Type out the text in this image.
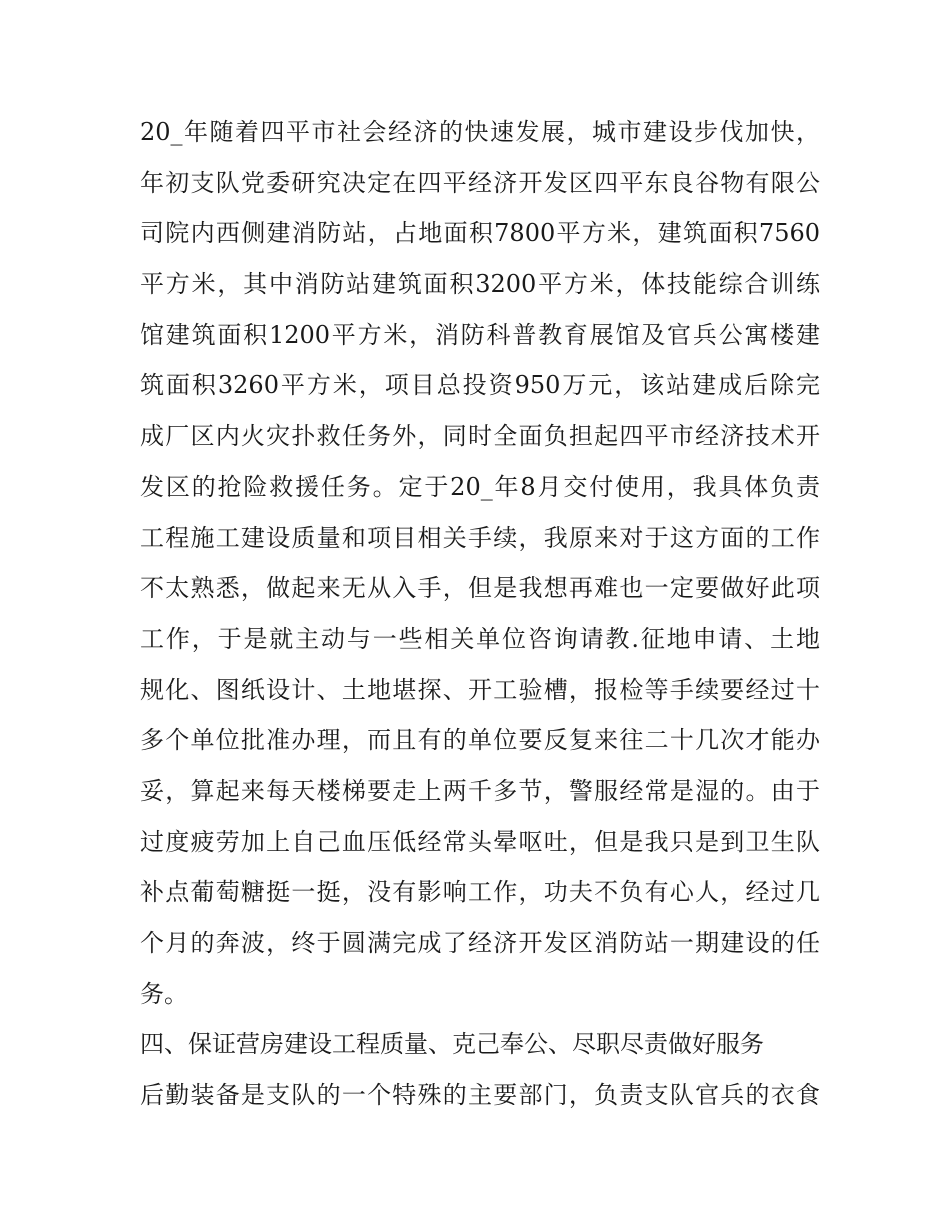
20_年随着四平市社会经济的快速发展，城市建设步伐加快，
年初支队党委研究决定在四平经济开发区四平东良谷物有限公
司院内西侧建消防站，占地面积7800平方米，建筑面积7560
平方米，其中消防站建筑面积3200平方米，体技能综合训练
馆建筑面积1200平方米，消防科普教育展馆及官兵公寓楼建
筑面积3260平方米，项目总投资950万元，该站建成后除完
成厂区内火灾扑救任务外，同时全面负担起四平市经济技术开
发区的抢险救援任务。定于20_年8月交付使用，我具体负责
工程施工建设质量和项目相关手续，我原来对于这方面的工作
不太熟悉，做起来无从入手，但是我想再难也一定要做好此项
工作，于是就主动与一些相关单位咨询请教.征地申请、土地
规化、图纸设计、土地堪探、开工验槽，报检等手续要经过十
多个单位批准办理，而且有的单位要反复来往二十几次才能办
妥，算起来每天楼梯要走上两千多节，警服经常是湿的。由于
过度疲劳加上自己血压低经常头晕呕吐，但是我只是到卫生队
补点葡萄糖挺一挺，没有影响工作，功夫不负有心人，经过几
个月的奔波，终于圆满完成了经济开发区消防站一期建设的任
务。
四、保证营房建设工程质量、克己奉公、尽职尽责做好服务
后勤装备是支队的一个特殊的主要部门，负责支队官兵的衣食
